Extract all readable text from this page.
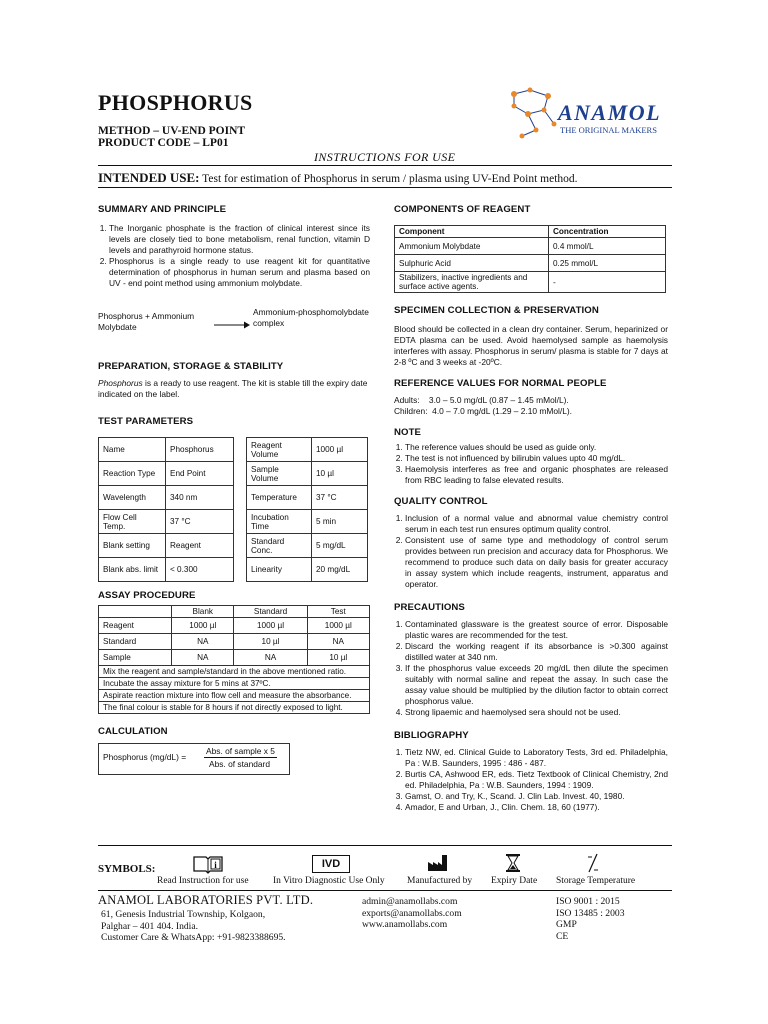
PHOSPHORUS
METHOD – UV-END POINT
PRODUCT CODE – LP01
ANAMOL
THE ORIGINAL MAKERS
INSTRUCTIONS FOR USE
INTENDED USE: Test for estimation of Phosphorus in serum / plasma using UV-End Point method.
SUMMARY AND PRINCIPLE
1. The Inorganic phosphate is the fraction of clinical interest since its levels are closely tied to bone metabolism, renal function, vitamin D levels and parathyroid hormone status.
2. Phosphorus is a single ready to use reagent kit for quantitative determination of phosphorus in human serum and plasma based on UV - end point method using ammonium molybdate.
Phosphorus + Ammonium Molybdate
Ammonium-phosphomolybdate complex
PREPARATION, STORAGE & STABILITY
Phosphorus is a ready to use reagent. The kit is stable till the expiry date indicated on the label.
TEST PARAMETERS
Name	Phosphorus
Reaction Type	End Point
Wavelength	340 nm
Flow Cell Temp.	37 °C
Blank setting	Reagent
Blank abs. limit	< 0.300
Reagent Volume	1000 µl
Sample Volume	10 µl
Temperature	37 °C
Incubation Time	5 min
Standard Conc.	5 mg/dL
Linearity	20 mg/dL
ASSAY PROCEDURE
	Blank	Standard	Test
Reagent	1000 µl	1000 µl	1000 µl
Standard	NA	10 µl	NA
Sample	NA	NA	10 µl
Mix the reagent and sample/standard in the above mentioned ratio.			
Incubate the assay mixture for 5 mins at 37ºC.			
Aspirate reaction mixture into flow cell and measure the absorbance.			
The final colour is stable for 8 hours if not directly exposed to light.			
CALCULATION
Phosphorus (mg/dL) =
Abs. of sample x 5
Abs. of standard
COMPONENTS OF REAGENT
Component	Concentration
Ammonium Molybdate	0.4 mmol/L
Sulphuric Acid	0.25 mmol/L
Stabilizers, inactive ingredients and surface active agents.	-
SPECIMEN COLLECTION & PRESERVATION
Blood should be collected in a clean dry container. Serum, heparinized or EDTA plasma can be used. Avoid haemolysed sample as haemolysis interferes with assay. Phosphorus in serum/ plasma is stable for 7 days at 2-8 ºC and 3 weeks at -20ºC.
REFERENCE VALUES FOR NORMAL PEOPLE
Adults:    3.0 – 5.0 mg/dL (0.87 – 1.45 mMol/L).
Children:  4.0 – 7.0 mg/dL (1.29 – 2.10 mMol/L).
NOTE
1. The reference values should be used as guide only.
2. The test is not influenced by bilirubin values upto 40 mg/dL.
3. Haemolysis interferes as free and organic phosphates are released from RBC leading to false elevated results.
QUALITY CONTROL
1. Inclusion of a normal value and abnormal value chemistry control serum in each test run ensures optimum quality control.
2. Consistent use of same type and methodology of control serum provides between run precision and accuracy data for Phosphorus. We recommend to produce such data on daily basis for greater accuracy in assay system which include reagents, instrument, apparatus and operator.
PRECAUTIONS
1. Contaminated glassware is the greatest source of error. Disposable plastic wares are recommended for the test.
2. Discard the working reagent if its absorbance is >0.300 against distilled water at 340 nm.
3. If the phosphorus value exceeds 20 mg/dL then dilute the specimen suitably with normal saline and repeat the assay. In such case the assay value should be multiplied by the dilution factor to obtain correct phosphorus value.
4. Strong lipaemic and haemolysed sera should not be used.
BIBLIOGRAPHY
1. Tietz NW, ed. Clinical Guide to Laboratory Tests, 3rd ed. Philadelphia, Pa : W.B. Saunders, 1995 : 486 - 487.
2. Burtis CA, Ashwood ER, eds. Tietz Textbook of Clinical Chemistry, 2nd ed. Philadelphia, Pa : W.B. Saunders, 1994 : 1909.
3. Gamst, O. and Try, K., Scand. J. Clin Lab. Invest. 40, 1980.
4. Amador, E and Urban, J., Clin. Chem. 18, 60 (1977).
SYMBOLS:	i	IVD
Read Instruction for use	In Vitro Diagnostic Use Only Manufactured by Expiry Date Storage Temperature
ANAMOL LABORATORIES PVT. LTD.
61, Genesis Industrial Township, Kolgaon,
Palghar – 401 404. India.
Customer Care & WhatsApp: +91-9823388695.
admin@anamollabs.com
exports@anamollabs.com
www.anamollabs.com
ISO 9001 : 2015
ISO 13485 : 2003
GMP
CE
